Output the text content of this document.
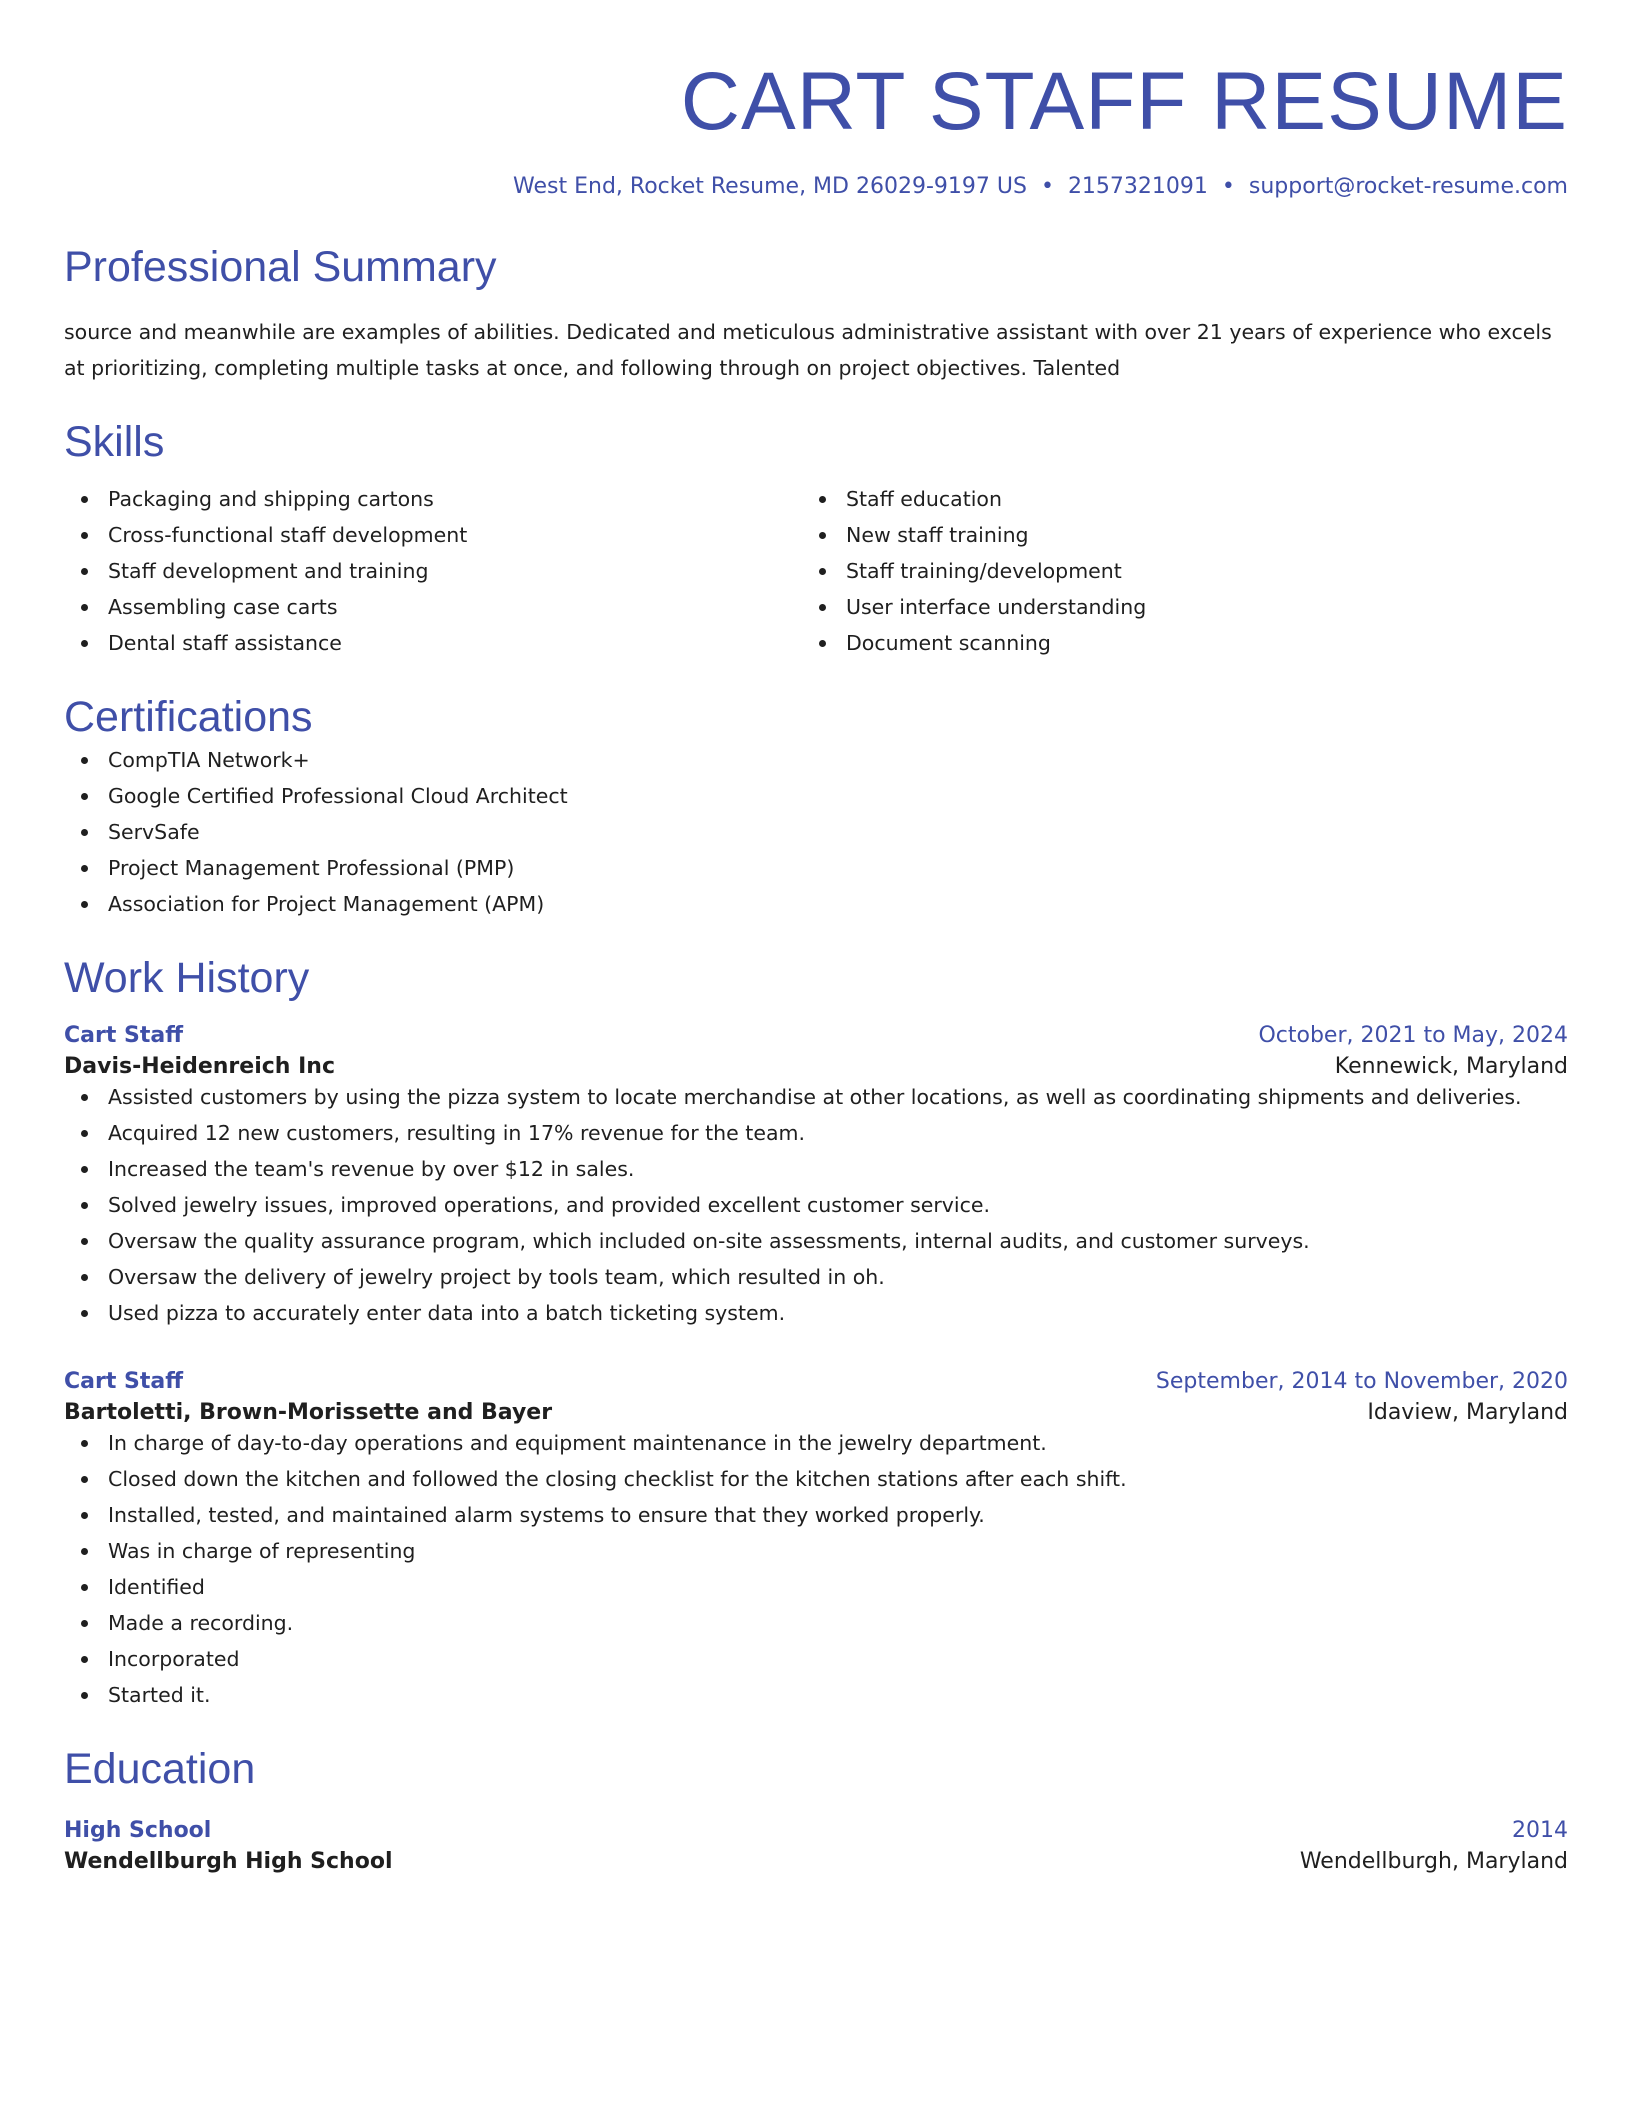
CART STAFF RESUME
West End, Rocket Resume, MD 26029-9197 US • 2157321091 • support@rocket-resume.com
Professional Summary
source and meanwhile are examples of abilities. Dedicated and meticulous administrative assistant with over 21 years of experience who excels at prioritizing, completing multiple tasks at once, and following through on project objectives. Talented
Skills
Packaging and shipping cartons
Cross-functional staff development
Staff development and training
Assembling case carts
Dental staff assistance
Staff education
New staff training
Staff training/development
User interface understanding
Document scanning
Certifications
CompTIA Network+
Google Certified Professional Cloud Architect
ServSafe
Project Management Professional (PMP)
Association for Project Management (APM)
Work History
Cart Staff	October, 2021 to May, 2024
Davis-Heidenreich Inc	Kennewick, Maryland
Assisted customers by using the pizza system to locate merchandise at other locations, as well as coordinating shipments and deliveries.
Acquired 12 new customers, resulting in 17% revenue for the team.
Increased the team's revenue by over $12 in sales.
Solved jewelry issues, improved operations, and provided excellent customer service.
Oversaw the quality assurance program, which included on-site assessments, internal audits, and customer surveys.
Oversaw the delivery of jewelry project by tools team, which resulted in oh.
Used pizza to accurately enter data into a batch ticketing system.
Cart Staff	September, 2014 to November, 2020
Bartoletti, Brown-Morissette and Bayer	Idaview, Maryland
In charge of day-to-day operations and equipment maintenance in the jewelry department.
Closed down the kitchen and followed the closing checklist for the kitchen stations after each shift.
Installed, tested, and maintained alarm systems to ensure that they worked properly.
Was in charge of representing
Identified
Made a recording.
Incorporated
Started it.
Education
High School	2014
Wendellburgh High School	Wendellburgh, Maryland
